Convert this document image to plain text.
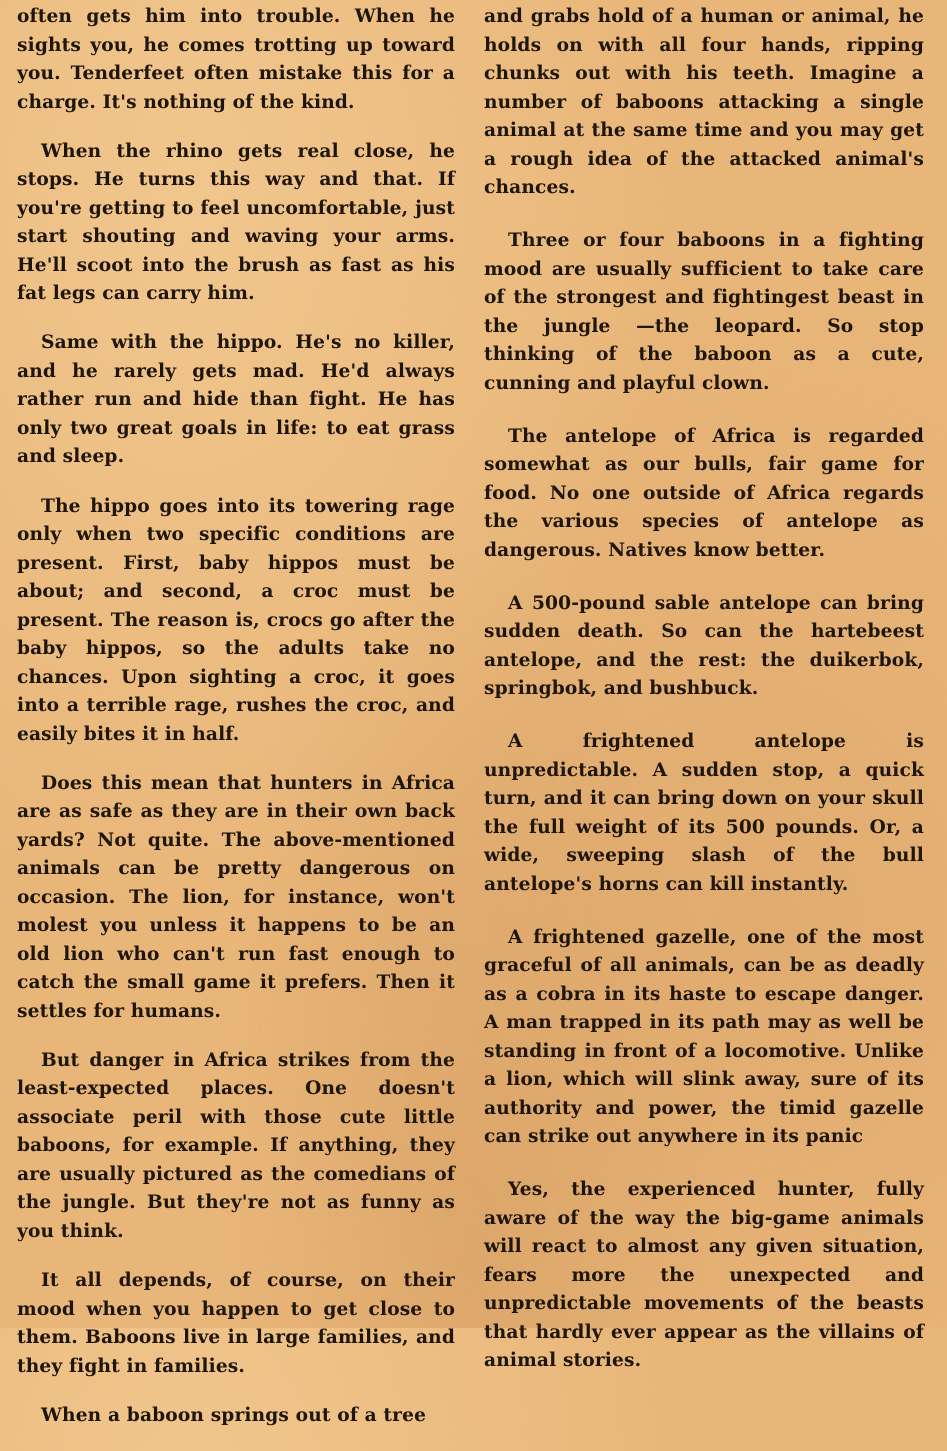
often gets him into trouble. When he sights you, he comes trotting up toward you. Tenderfeet often mistake this for a charge. It's nothing of the kind.

When the rhino gets real close, he stops. He turns this way and that. If you're getting to feel uncomfortable, just start shouting and waving your arms. He'll scoot into the brush as fast as his fat legs can carry him.

Same with the hippo. He's no killer, and he rarely gets mad. He'd always rather run and hide than fight. He has only two great goals in life: to eat grass and sleep.

The hippo goes into its towering rage only when two specific conditions are present. First, baby hippos must be about; and second, a croc must be present. The reason is, crocs go after the baby hippos, so the adults take no chances. Upon sighting a croc, it goes into a terrible rage, rushes the croc, and easily bites it in half.

Does this mean that hunters in Africa are as safe as they are in their own back yards? Not quite. The above-mentioned animals can be pretty dangerous on occasion. The lion, for instance, won't molest you unless it happens to be an old lion who can't run fast enough to catch the small game it prefers. Then it settles for humans.

But danger in Africa strikes from the least-expected places. One doesn't associate peril with those cute little baboons, for example. If anything, they are usually pictured as the comedians of the jungle. But they're not as funny as you think.

It all depends, of course, on their mood when you happen to get close to them. Baboons live in large families, and they fight in families.

When a baboon springs out of a tree

and grabs hold of a human or animal, he holds on with all four hands, ripping chunks out with his teeth. Imagine a number of baboons attacking a single animal at the same time and you may get a rough idea of the attacked animal's chances.

Three or four baboons in a fighting mood are usually sufficient to take care of the strongest and fightingest beast in the jungle —the leopard. So stop thinking of the baboon as a cute, cunning and playful clown.

The antelope of Africa is regarded somewhat as our bulls, fair game for food. No one outside of Africa regards the various species of antelope as dangerous. Natives know better.

A 500-pound sable antelope can bring sudden death. So can the hartebeest antelope, and the rest: the duikerbok, springbok, and bushbuck.

A frightened antelope is unpredictable. A sudden stop, a quick turn, and it can bring down on your skull the full weight of its 500 pounds. Or, a wide, sweeping slash of the bull antelope's horns can kill instantly.

A frightened gazelle, one of the most graceful of all animals, can be as deadly as a cobra in its haste to escape danger. A man trapped in its path may as well be standing in front of a locomotive. Unlike a lion, which will slink away, sure of its authority and power, the timid gazelle can strike out anywhere in its panic

Yes, the experienced hunter, fully aware of the way the big-game animals will react to almost any given situation, fears more the unexpected and unpredictable movements of the beasts that hardly ever appear as the villains of animal stories.
